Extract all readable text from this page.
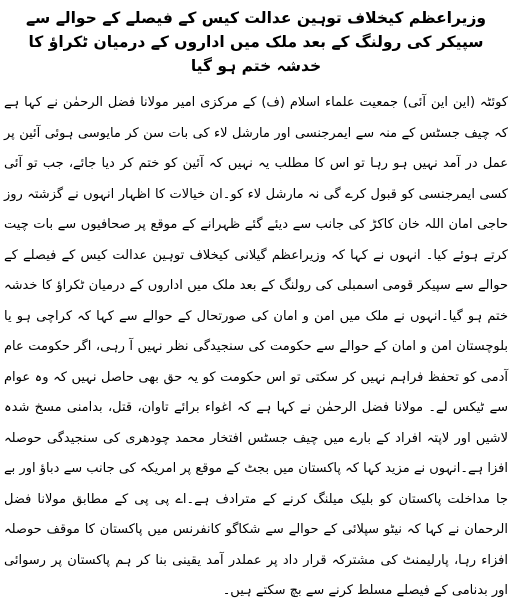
وزیراعظم کیخلاف توہین عدالت کیس کے فیصلے کے حوالے سے سپیکر کی رولنگ کے بعد ملک میں اداروں کے درمیان ٹکراؤ کا خدشہ ختم ہو گیا

کوئٹہ (این این آئی) جمعیت علماء اسلام (ف) کے مرکزی امیر مولانا فضل الرحمٰن نے کہا ہے کہ چیف جسٹس کے منہ سے ایمرجنسی اور مارشل لاء کی بات سن کر مایوسی ہوئی آئین پر عمل در آمد نہیں ہو رہا تو اس کا مطلب یہ نہیں کہ آئین کو ختم کر دیا جائے، جب تو آئی کسی ایمرجنسی کو قبول کرے گی نہ مارشل لاء کو۔ان خیالات کا اظہار انہوں نے گزشتہ روز حاجی امان اللہ خان کاکڑ کی جانب سے دیئے گئے ظہرانے کے موقع پر صحافیوں سے بات چیت کرتے ہوئے کیا۔ انہوں نے کہا کہ وزیراعظم گیلانی کیخلاف توہین عدالت کیس کے فیصلے کے حوالے سے سپیکر قومی اسمبلی کی رولنگ کے بعد ملک میں اداروں کے درمیان ٹکراؤ کا خدشہ ختم ہو گیا۔انہوں نے ملک میں امن و امان کی صورتحال کے حوالے سے کہا کہ کراچی ہو یا بلوچستان امن و امان کے حوالے سے حکومت کی سنجیدگی نظر نہیں آ رہی، اگر حکومت عام آدمی کو تحفظ فراہم نہیں کر سکتی تو اس حکومت کو یہ حق بھی حاصل نہیں کہ وہ عوام سے ٹیکس لے۔ مولانا فضل الرحمٰن نے کہا ہے کہ اغواء برائے تاوان، قتل، بدامنی مسخ شدہ لاشیں اور لاپتہ افراد کے بارے میں چیف جسٹس افتخار محمد چودھری کی سنجیدگی حوصلہ افزا ہے۔انہوں نے مزید کہا کہ پاکستان میں بجٹ کے موقع پر امریکہ کی جانب سے دباؤ اور بے جا مداخلت پاکستان کو بلیک میلنگ کرنے کے مترادف ہے۔اے پی پی کے مطابق مولانا فضل الرحمان نے کہا کہ نیٹو سپلائی کے حوالے سے شکاگو کانفرنس میں پاکستان کا موقف حوصلہ افزاء رہا، پارلیمنٹ کی مشترکہ قرار داد پر عملدر آمد یقینی بنا کر ہم پاکستان پر رسوائی اور بدنامی کے فیصلے مسلط کرنے سے بچ سکتے ہیں۔
